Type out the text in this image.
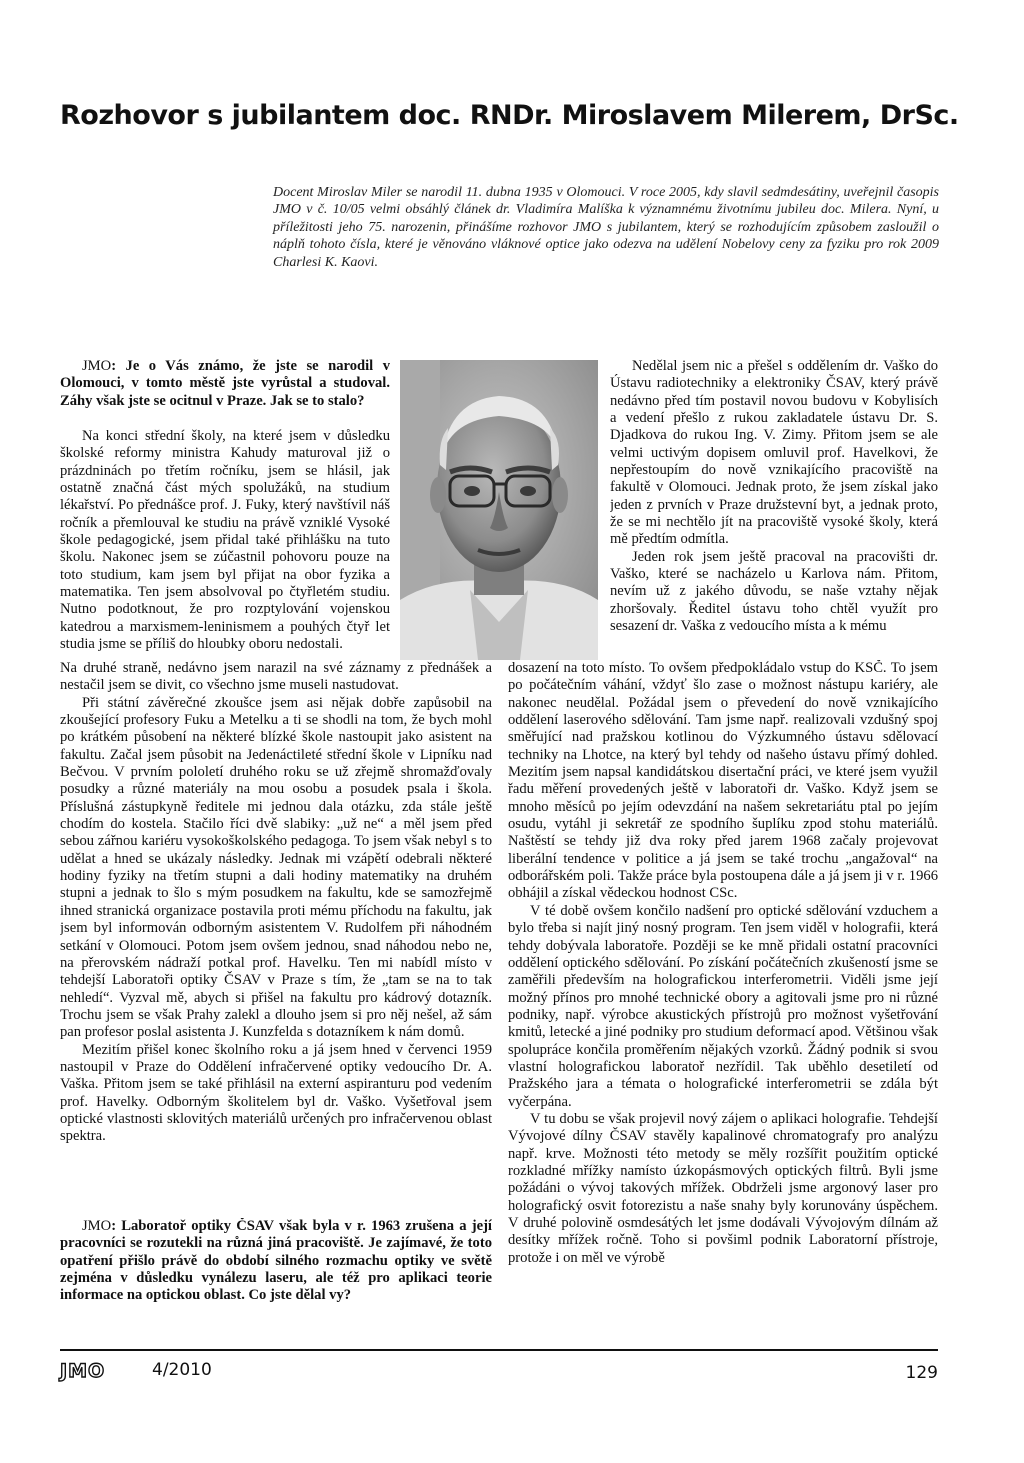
Rozhovor s jubilantem doc. RNDr. Miroslavem Milerem, DrSc.

Docent Miroslav Miler se narodil 11. dubna 1935 v Olomouci. V roce 2005, kdy slavil sedmdesátiny, uveřejnil časopis JMO v č. 10/05 velmi obsáhlý článek dr. Vladimíra Malíška k významnému životnímu jubileu doc. Milera. Nyní, u příležitosti jeho 75. narozenin, přinášíme rozhovor JMO s jubilantem, který se rozhodujícím způsobem zasloužil o náplň tohoto čísla, které je věnováno vláknové optice jako odezva na udělení Nobelovy ceny za fyziku pro rok 2009 Charlesi K. Kaovi.

JMO: Je o Vás známo, že jste se narodil v Olomouci, v tomto městě jste vyrůstal a studoval. Záhy však jste se ocitnul v Praze. Jak se to stalo?

Na konci střední školy, na které jsem v důsledku školské reformy ministra Kahudy maturoval již o prázdninách po třetím ročníku, jsem se hlásil, jak ostatně značná část mých spolužáků, na studium lékařství. Po přednášce prof. J. Fuky, který navštívil náš ročník a přemlouval ke studiu na právě vzniklé Vysoké škole pedagogické, jsem přidal také přihlášku na tuto školu. Nakonec jsem se zúčastnil pohovoru pouze na toto studium, kam jsem byl přijat na obor fyzika a matematika. Ten jsem absolvoval po čtyřletém studiu. Nutno podotknout, že pro rozptylování vojenskou katedrou a marxismem-leninismem a pouhých čtyř let studia jsme se příliš do hloubky oboru nedostali.

Nedělal jsem nic a přešel s oddělením dr. Vaško do Ústavu radiotechniky a elektroniky ČSAV, který právě nedávno před tím postavil novou budovu v Kobylisích a vedení přešlo z rukou zakladatele ústavu Dr. S. Djadkova do rukou Ing. V. Zimy. Přitom jsem se ale velmi uctivým dopisem omluvil prof. Havelkovi, že nepřestoupím do nově vznikajícího pracoviště na fakultě v Olomouci. Jednak proto, že jsem získal jako jeden z prvních v Praze družstevní byt, a jednak proto, že se mi nechtělo jít na pracoviště vysoké školy, která mě předtím odmítla.

Jeden rok jsem ještě pracoval na pracovišti dr. Vaško, které se nacházelo u Karlova nám. Přitom, nevím už z jakého důvodu, se naše vztahy nějak zhoršovaly. Ředitel ústavu toho chtěl využít pro sesazení dr. Vaška z vedoucího místa a k mému

Na druhé straně, nedávno jsem narazil na své záznamy z přednášek a nestačil jsem se divit, co všechno jsme museli nastudovat.

Při státní závěrečné zkoušce jsem asi nějak dobře zapůsobil na zkoušející profesory Fuku a Metelku a ti se shodli na tom, že bych mohl po krátkém působení na některé blízké škole nastoupit jako asistent na fakultu. Začal jsem působit na Jedenáctileté střední škole v Lipníku nad Bečvou. V prvním pololetí druhého roku se už zřejmě shromažďovaly posudky a různé materiály na mou osobu a posudek psala i škola. Příslušná zástupkyně ředitele mi jednou dala otázku, zda stále ještě chodím do kostela. Stačilo říci dvě slabiky: „už ne“ a měl jsem před sebou zářnou kariéru vysokoškolského pedagoga. To jsem však nebyl s to udělat a hned se ukázaly následky. Jednak mi vzápětí odebrali některé hodiny fyziky na třetím stupni a dali hodiny matematiky na druhém stupni a jednak to šlo s mým posudkem na fakultu, kde se samozřejmě ihned stranická organizace postavila proti mému příchodu na fakultu, jak jsem byl informován odborným asistentem V. Rudolfem při náhodném setkání v Olomouci. Potom jsem ovšem jednou, snad náhodou nebo ne, na přerovském nádraží potkal prof. Havelku. Ten mi nabídl místo v tehdejší Laboratoři optiky ČSAV v Praze s tím, že „tam se na to tak nehledí“. Vyzval mě, abych si přišel na fakultu pro kádrový dotazník. Trochu jsem se však Prahy zalekl a dlouho jsem si pro něj nešel, až sám pan profesor poslal asistenta J. Kunzfelda s dotazníkem k nám domů.

Mezitím přišel konec školního roku a já jsem hned v červenci 1959 nastoupil v Praze do Oddělení infračervené optiky vedoucího Dr. A. Vaška. Přitom jsem se také přihlásil na externí aspiranturu pod vedením prof. Havelky. Odborným školitelem byl dr. Vaško. Vyšetřoval jsem optické vlastnosti sklovitých materiálů určených pro infračervenou oblast spektra.

JMO: Laboratoř optiky ČSAV však byla v r. 1963 zrušena a její pracovníci se rozutekli na různá jiná pracoviště. Je zajímavé, že toto opatření přišlo právě do období silného rozmachu optiky ve světě zejména v důsledku vynálezu laseru, ale též pro aplikaci teorie informace na optickou oblast. Co jste dělal vy?

dosazení na toto místo. To ovšem předpokládalo vstup do KSČ. To jsem po počátečním váhání, vždyť šlo zase o možnost nástupu kariéry, ale nakonec neudělal. Požádal jsem o převedení do nově vznikajícího oddělení laserového sdělování. Tam jsme např. realizovali vzdušný spoj směřující nad pražskou kotlinou do Výzkumného ústavu sdělovací techniky na Lhotce, na který byl tehdy od našeho ústavu přímý dohled. Mezitím jsem napsal kandidátskou disertační práci, ve které jsem využil řadu měření provedených ještě v laboratoři dr. Vaško. Když jsem se mnoho měsíců po jejím odevzdání na našem sekretariátu ptal po jejím osudu, vytáhl ji sekretář ze spodního šuplíku zpod stohu materiálů. Naštěstí se tehdy již dva roky před jarem 1968 začaly projevovat liberální tendence v politice a já jsem se také trochu „angažoval“ na odborářském poli. Takže práce byla postoupena dále a já jsem ji v r. 1966 obhájil a získal vědeckou hodnost CSc.

V té době ovšem končilo nadšení pro optické sdělování vzduchem a bylo třeba si najít jiný nosný program. Ten jsem viděl v holografii, která tehdy dobývala laboratoře. Později se ke mně přidali ostatní pracovníci oddělení optického sdělování. Po získání počátečních zkušeností jsme se zaměřili především na holografickou interferometrii. Viděli jsme její možný přínos pro mnohé technické obory a agitovali jsme pro ni různé podniky, např. výrobce akustických přístrojů pro možnost vyšetřování kmitů, letecké a jiné podniky pro studium deformací apod. Většinou však spolupráce končila proměřením nějakých vzorků. Žádný podnik si svou vlastní holografickou laboratoř nezřídil. Tak uběhlo desetiletí od Pražského jara a témata o holografické interferometrii se zdála být vyčerpána.

V tu dobu se však projevil nový zájem o aplikaci holografie. Tehdejší Vývojové dílny ČSAV stavěly kapalinové chromatografy pro analýzu např. krve. Možnosti této metody se měly rozšířit použitím optické rozkladné mřížky namísto úzkopásmových optických filtrů. Byli jsme požádáni o vývoj takových mřížek. Obdrželi jsme argonový laser pro holografický osvit fotorezistu a naše snahy byly korunovány úspěchem. V druhé polovině osmdesátých let jsme dodávali Vývojovým dílnám až desítky mřížek ročně. Toho si povšiml podnik Laboratorní přístroje, protože i on měl ve výrobě

JMO	4/2010	129
